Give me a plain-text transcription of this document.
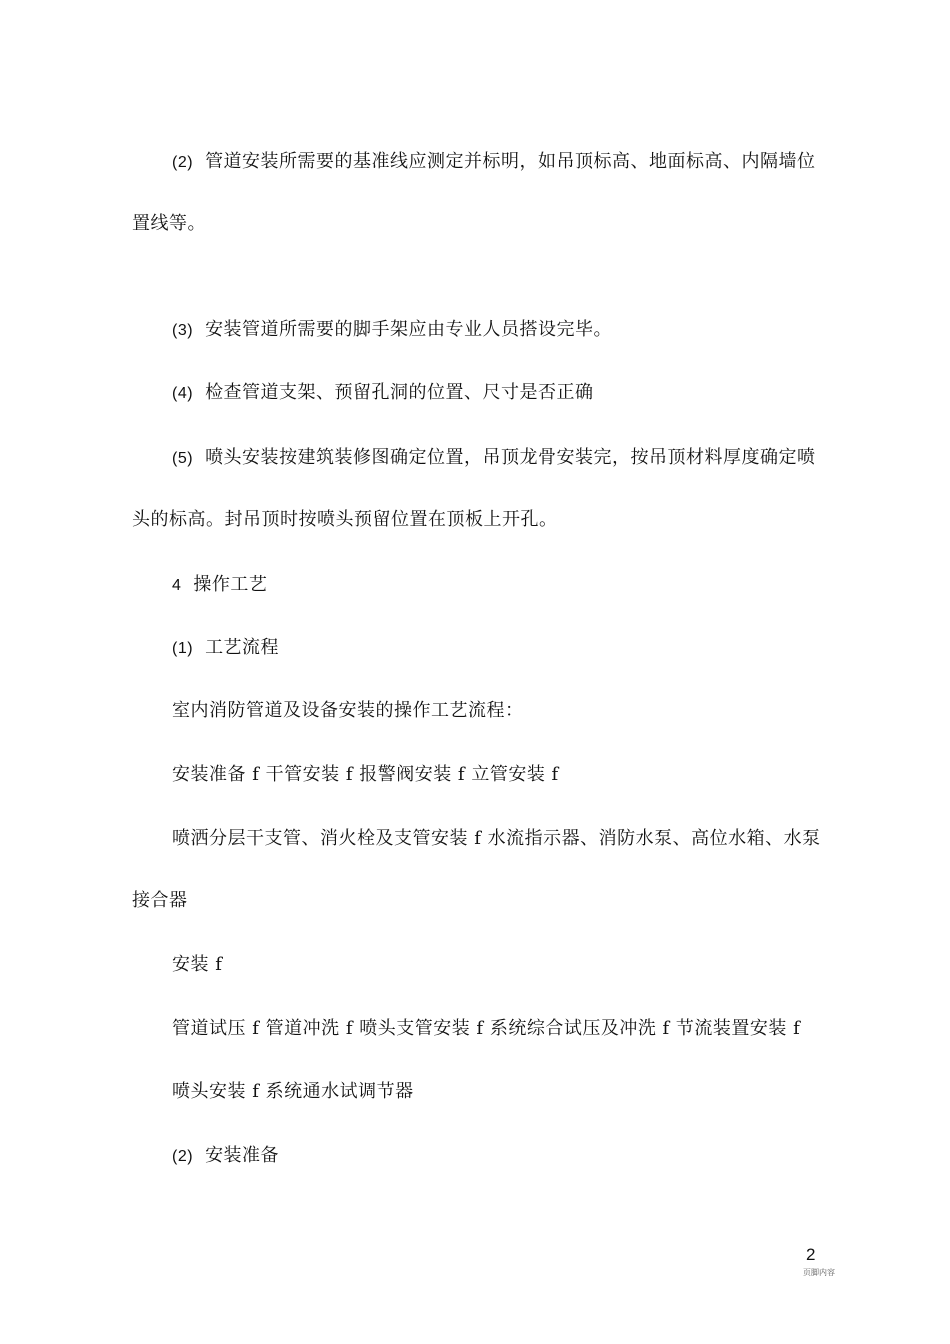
(2) 管道安装所需要的基准线应测定并标明，如吊顶标高、地面标高、内隔墙位
置线等。
(3) 安装管道所需要的脚手架应由专业人员搭设完毕。
(4) 检查管道支架、预留孔洞的位置、尺寸是否正确
(5) 喷头安装按建筑装修图确定位置，吊顶龙骨安装完，按吊顶材料厚度确定喷
头的标高。封吊顶时按喷头预留位置在顶板上开孔。
4 操作工艺
(1) 工艺流程
室内消防管道及设备安装的操作工艺流程：
安装准备 f 干管安装 f 报警阀安装 f 立管安装 f
喷洒分层干支管、消火栓及支管安装 f 水流指示器、消防水泵、高位水箱、水泵
接合器
安装 f
管道试压 f 管道冲洗 f 喷头支管安装 f 系统综合试压及冲洗 f 节流装置安装 f
喷头安装 f 系统通水试调节器
(2) 安装准备
2
页脚内容
